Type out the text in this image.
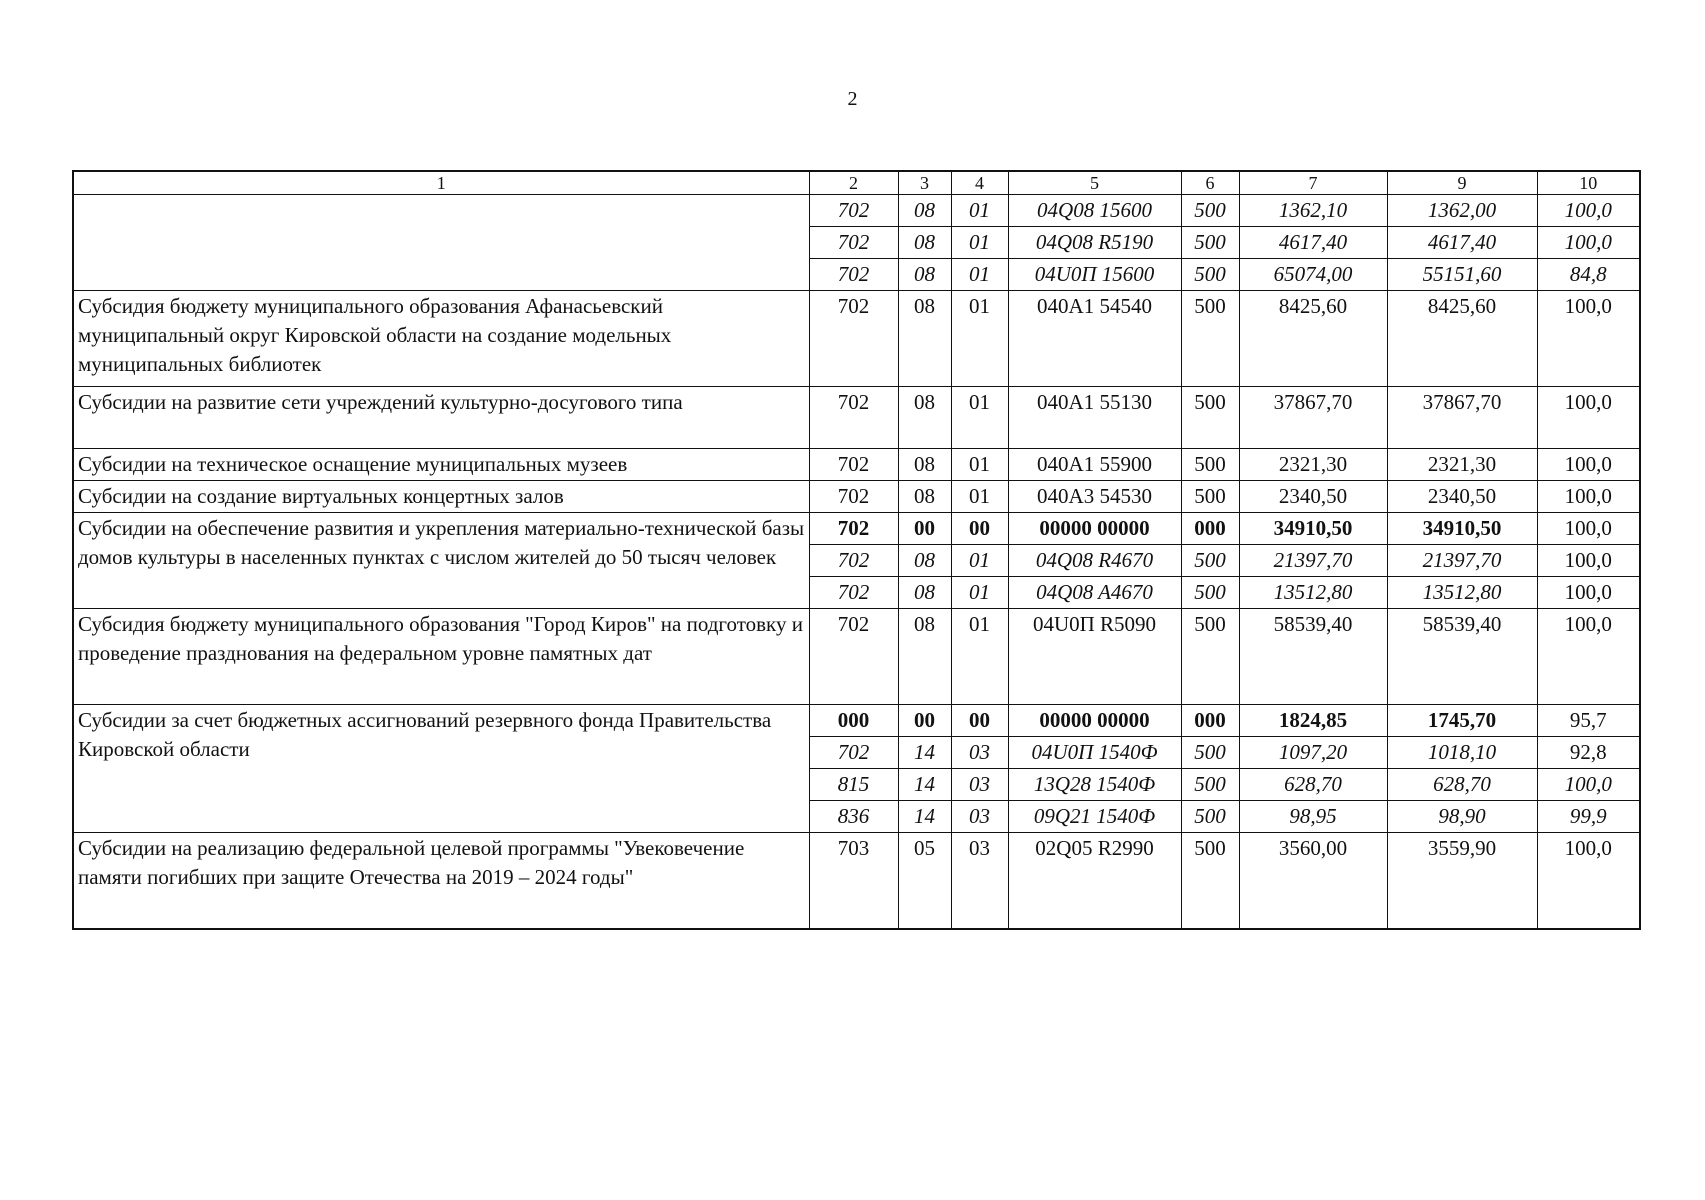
2
1	2	3	4	5	6	7	9	10
	702	08	01	04Q08 15600	500	1362,10	1362,00	100,0
	702	08	01	04Q08 R5190	500	4617,40	4617,40	100,0
	702	08	01	04U0П 15600	500	65074,00	55151,60	84,8
Субсидия бюджету муниципального образования Афанасьевский муниципальный округ Кировской области на создание модельных муниципальных библиотек	702	08	01	040A1 54540	500	8425,60	8425,60	100,0
Субсидии на развитие сети учреждений культурно-досугового типа	702	08	01	040A1 55130	500	37867,70	37867,70	100,0
Субсидии на техническое оснащение муниципальных музеев	702	08	01	040A1 55900	500	2321,30	2321,30	100,0
Субсидии на создание виртуальных концертных залов	702	08	01	040A3 54530	500	2340,50	2340,50	100,0
Субсидии на обеспечение развития и укрепления материально-технической базы домов культуры в населенных пунктах с числом жителей до 50 тысяч человек	702	00	00	00000 00000	000	34910,50	34910,50	100,0
	702	08	01	04Q08 R4670	500	21397,70	21397,70	100,0
	702	08	01	04Q08 A4670	500	13512,80	13512,80	100,0
Субсидия бюджету муниципального образования "Город Киров" на подготовку и проведение празднования на федеральном уровне памятных дат	702	08	01	04U0П R5090	500	58539,40	58539,40	100,0
Субсидии за счет бюджетных ассигнований резервного фонда Правительства Кировской области	000	00	00	00000 00000	000	1824,85	1745,70	95,7
	702	14	03	04U0П 1540Ф	500	1097,20	1018,10	92,8
	815	14	03	13Q28 1540Ф	500	628,70	628,70	100,0
	836	14	03	09Q21 1540Ф	500	98,95	98,90	99,9
Субсидии на реализацию федеральной целевой программы "Увековечение памяти погибших при защите Отечества на 2019 – 2024 годы"	703	05	03	02Q05 R2990	500	3560,00	3559,90	100,0
